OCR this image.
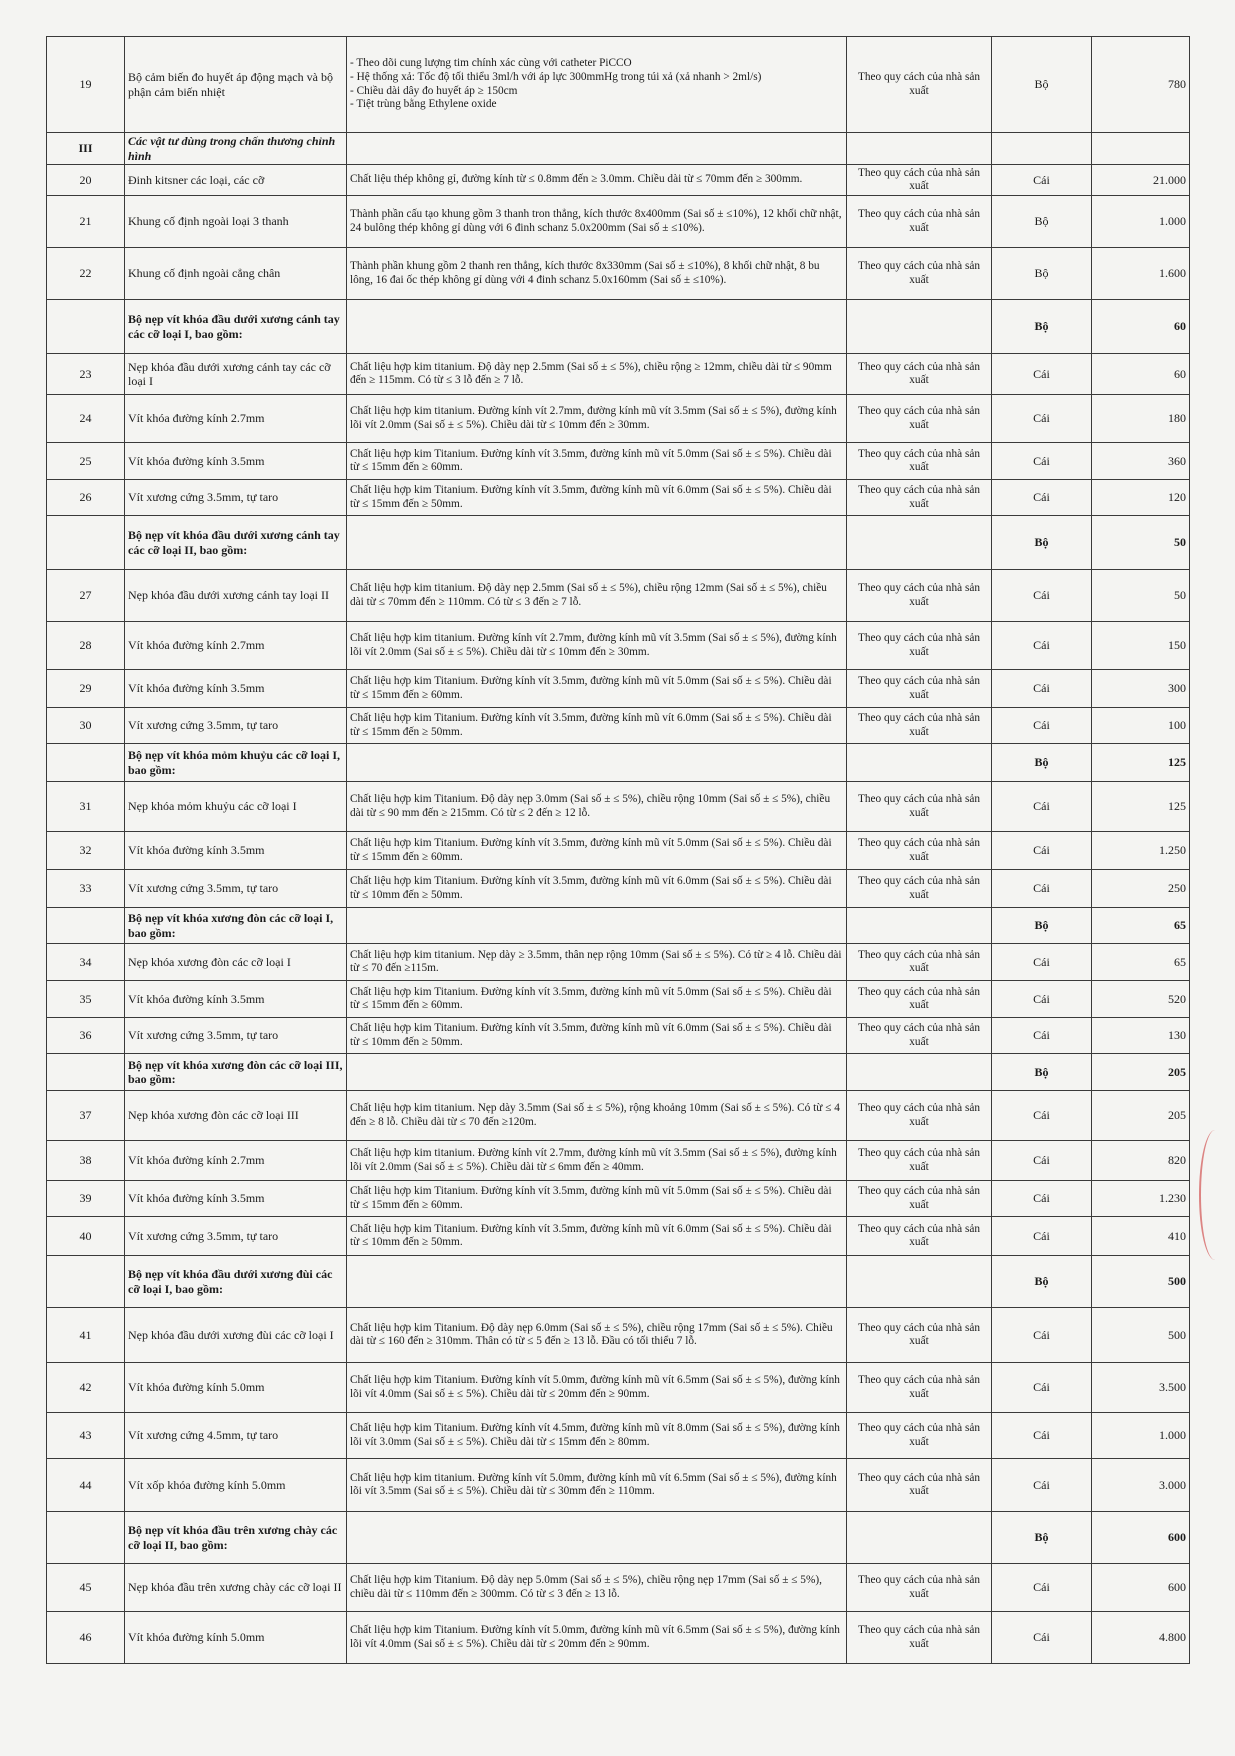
19	Bộ cảm biến đo huyết áp động mạch và bộ phận cảm biến nhiệt	- Theo dõi cung lượng tim chính xác cùng với catheter PiCCO
- Hệ thống xả: Tốc độ tối thiểu 3ml/h với áp lực 300mmHg trong túi xả (xả nhanh > 2ml/s)
- Chiều dài dây đo huyết áp ≥ 150cm
- Tiệt trùng bằng Ethylene oxide	Theo quy cách của nhà sản xuất	Bộ	780
III	Các vật tư dùng trong chấn thương chỉnh hình				
20	Đinh kitsner các loại, các cỡ	Chất liệu thép không gỉ, đường kính từ ≤ 0.8mm đến ≥ 3.0mm. Chiều dài từ ≤ 70mm đến ≥ 300mm.	Theo quy cách của nhà sản xuất	Cái	21.000
21	Khung cố định ngoài loại 3 thanh	Thành phần cấu tạo khung gồm 3 thanh tron thẳng, kích thước 8x400mm (Sai số ± ≤10%), 12 khối chữ nhật, 24 bulông thép không gỉ dùng với 6 đinh schanz 5.0x200mm (Sai số ± ≤10%).	Theo quy cách của nhà sản xuất	Bộ	1.000
22	Khung cố định ngoài cẳng chân	Thành phần khung gồm 2 thanh ren thẳng, kích thước 8x330mm (Sai số ± ≤10%), 8 khối chữ nhật, 8 bu lông, 16 đai ốc thép không gỉ dùng với 4 đinh schanz 5.0x160mm (Sai số ± ≤10%).	Theo quy cách của nhà sản xuất	Bộ	1.600
	Bộ nẹp vít khóa đầu dưới xương cánh tay các cỡ loại I, bao gồm:			Bộ	60
23	Nẹp khóa đầu dưới xương cánh tay các cỡ loại I	Chất liệu hợp kim titanium. Độ dày nẹp 2.5mm (Sai số ± ≤ 5%), chiều rộng ≥ 12mm, chiều dài từ ≤ 90mm đến ≥ 115mm. Có từ ≤ 3 lỗ đến ≥ 7 lỗ.	Theo quy cách của nhà sản xuất	Cái	60
24	Vít khóa đường kính 2.7mm	Chất liệu hợp kim titanium. Đường kính vít 2.7mm, đường kính mũ vít 3.5mm (Sai số ± ≤ 5%), đường kính lõi vít 2.0mm (Sai số ± ≤ 5%). Chiều dài từ ≤ 10mm đến ≥ 30mm.	Theo quy cách của nhà sản xuất	Cái	180
25	Vít khóa đường kính 3.5mm	Chất liệu hợp kim Titanium. Đường kính vít 3.5mm, đường kính mũ vít 5.0mm (Sai số ± ≤ 5%). Chiều dài từ ≤ 15mm đến ≥ 60mm.	Theo quy cách của nhà sản xuất	Cái	360
26	Vít xương cứng 3.5mm, tự taro	Chất liệu hợp kim Titanium. Đường kính vít 3.5mm, đường kính mũ vít 6.0mm (Sai số ± ≤ 5%). Chiều dài từ ≤ 15mm đến ≥ 50mm.	Theo quy cách của nhà sản xuất	Cái	120
	Bộ nẹp vít khóa đầu dưới xương cánh tay các cỡ loại II, bao gồm:			Bộ	50
27	Nẹp khóa đầu dưới xương cánh tay loại II	Chất liệu hợp kim titanium. Độ dày nẹp 2.5mm (Sai số ± ≤ 5%), chiều rộng 12mm (Sai số ± ≤ 5%), chiều dài từ ≤ 70mm đến ≥ 110mm. Có từ ≤ 3 đến ≥ 7 lỗ.	Theo quy cách của nhà sản xuất	Cái	50
28	Vít khóa đường kính 2.7mm	Chất liệu hợp kim titanium. Đường kính vít 2.7mm, đường kính mũ vít 3.5mm (Sai số ± ≤ 5%), đường kính lõi vít 2.0mm (Sai số ± ≤ 5%). Chiều dài từ ≤ 10mm đến ≥ 30mm.	Theo quy cách của nhà sản xuất	Cái	150
29	Vít khóa đường kính 3.5mm	Chất liệu hợp kim Titanium. Đường kính vít 3.5mm, đường kính mũ vít 5.0mm (Sai số ± ≤ 5%). Chiều dài từ ≤ 15mm đến ≥ 60mm.	Theo quy cách của nhà sản xuất	Cái	300
30	Vít xương cứng 3.5mm, tự taro	Chất liệu hợp kim Titanium. Đường kính vít 3.5mm, đường kính mũ vít 6.0mm (Sai số ± ≤ 5%). Chiều dài từ ≤ 15mm đến ≥ 50mm.	Theo quy cách của nhà sản xuất	Cái	100
	Bộ nẹp vít khóa mỏm khuỷu các cỡ loại I, bao gồm:			Bộ	125
31	Nẹp khóa mỏm khuỷu các cỡ loại I	Chất liệu hợp kim Titanium. Độ dày nẹp 3.0mm (Sai số ± ≤ 5%), chiều rộng 10mm (Sai số ± ≤ 5%), chiều dài từ ≤ 90 mm đến ≥ 215mm. Có từ ≤ 2 đến ≥ 12 lỗ.	Theo quy cách của nhà sản xuất	Cái	125
32	Vít khóa đường kính 3.5mm	Chất liệu hợp kim Titanium. Đường kính vít 3.5mm, đường kính mũ vít 5.0mm (Sai số ± ≤ 5%). Chiều dài từ ≤ 15mm đến ≥ 60mm.	Theo quy cách của nhà sản xuất	Cái	1.250
33	Vít xương cứng 3.5mm, tự taro	Chất liệu hợp kim Titanium. Đường kính vít 3.5mm, đường kính mũ vít 6.0mm (Sai số ± ≤ 5%). Chiều dài từ ≤ 10mm đến ≥ 50mm.	Theo quy cách của nhà sản xuất	Cái	250
	Bộ nẹp vít khóa xương đòn các cỡ loại I, bao gồm:			Bộ	65
34	Nẹp khóa xương đòn các cỡ loại I	Chất liệu hợp kim titanium. Nẹp dày ≥ 3.5mm, thân nẹp rộng 10mm (Sai số ± ≤ 5%). Có từ ≥ 4 lỗ. Chiều dài từ ≤ 70 đến ≥115m.	Theo quy cách của nhà sản xuất	Cái	65
35	Vít khóa đường kính 3.5mm	Chất liệu hợp kim Titanium. Đường kính vít 3.5mm, đường kính mũ vít 5.0mm (Sai số ± ≤ 5%). Chiều dài từ ≤ 15mm đến ≥ 60mm.	Theo quy cách của nhà sản xuất	Cái	520
36	Vít xương cứng 3.5mm, tự taro	Chất liệu hợp kim Titanium. Đường kính vít 3.5mm, đường kính mũ vít 6.0mm (Sai số ± ≤ 5%). Chiều dài từ ≤ 10mm đến ≥ 50mm.	Theo quy cách của nhà sản xuất	Cái	130
	Bộ nẹp vít khóa xương đòn các cỡ loại III, bao gồm:			Bộ	205
37	Nẹp khóa xương đòn các cỡ loại III	Chất liệu hợp kim titanium. Nẹp dày 3.5mm (Sai số ± ≤ 5%), rộng khoảng 10mm (Sai số ± ≤ 5%). Có từ ≤ 4 đến ≥ 8 lỗ. Chiều dài từ ≤ 70 đến ≥120m.	Theo quy cách của nhà sản xuất	Cái	205
38	Vít khóa đường kính 2.7mm	Chất liệu hợp kim titanium. Đường kính vít 2.7mm, đường kính mũ vít 3.5mm (Sai số ± ≤ 5%), đường kính lõi vít 2.0mm (Sai số ± ≤ 5%). Chiều dài từ ≤ 6mm đến ≥ 40mm.	Theo quy cách của nhà sản xuất	Cái	820
39	Vít khóa đường kính 3.5mm	Chất liệu hợp kim Titanium. Đường kính vít 3.5mm, đường kính mũ vít 5.0mm (Sai số ± ≤ 5%). Chiều dài từ ≤ 15mm đến ≥ 60mm.	Theo quy cách của nhà sản xuất	Cái	1.230
40	Vít xương cứng 3.5mm, tự taro	Chất liệu hợp kim Titanium. Đường kính vít 3.5mm, đường kính mũ vít 6.0mm (Sai số ± ≤ 5%). Chiều dài từ ≤ 10mm đến ≥ 50mm.	Theo quy cách của nhà sản xuất	Cái	410
	Bộ nẹp vít khóa đầu dưới xương đùi các cỡ loại I, bao gồm:			Bộ	500
41	Nẹp khóa đầu dưới xương đùi các cỡ loại I	Chất liệu hợp kim Titanium. Độ dày nẹp 6.0mm (Sai số ± ≤ 5%), chiều rộng 17mm (Sai số ± ≤ 5%). Chiều dài từ ≤ 160 đến ≥ 310mm. Thân có từ ≤ 5 đến ≥ 13 lỗ. Đầu có tối thiểu 7 lỗ.	Theo quy cách của nhà sản xuất	Cái	500
42	Vít khóa đường kính 5.0mm	Chất liệu hợp kim Titanium. Đường kính vít 5.0mm, đường kính mũ vít 6.5mm (Sai số ± ≤ 5%), đường kính lõi vít 4.0mm (Sai số ± ≤ 5%). Chiều dài từ ≤ 20mm đến ≥ 90mm.	Theo quy cách của nhà sản xuất	Cái	3.500
43	Vít xương cứng 4.5mm, tự taro	Chất liệu hợp kim Titanium. Đường kính vít 4.5mm, đường kính mũ vít 8.0mm (Sai số ± ≤ 5%), đường kính lõi vít 3.0mm (Sai số ± ≤ 5%). Chiều dài từ ≤ 15mm đến ≥ 80mm.	Theo quy cách của nhà sản xuất	Cái	1.000
44	Vít xốp khóa đường kính 5.0mm	Chất liệu hợp kim titanium. Đường kính vít 5.0mm, đường kính mũ vít 6.5mm (Sai số ± ≤ 5%), đường kính lõi vít 3.5mm (Sai số ± ≤ 5%). Chiều dài từ ≤ 30mm đến ≥ 110mm.	Theo quy cách của nhà sản xuất	Cái	3.000
	Bộ nẹp vít khóa đầu trên xương chày các cỡ loại II, bao gồm:			Bộ	600
45	Nẹp khóa đầu trên xương chày các cỡ loại II	Chất liệu hợp kim Titanium. Độ dày nẹp 5.0mm (Sai số ± ≤ 5%), chiều rộng nẹp 17mm (Sai số ± ≤ 5%), chiều dài từ ≤ 110mm đến ≥ 300mm. Có từ ≤ 3 đến ≥ 13 lỗ.	Theo quy cách của nhà sản xuất	Cái	600
46	Vít khóa đường kính 5.0mm	Chất liệu hợp kim Titanium. Đường kính vít 5.0mm, đường kính mũ vít 6.5mm (Sai số ± ≤ 5%), đường kính lõi vít 4.0mm (Sai số ± ≤ 5%). Chiều dài từ ≤ 20mm đến ≥ 90mm.	Theo quy cách của nhà sản xuất	Cái	4.800
